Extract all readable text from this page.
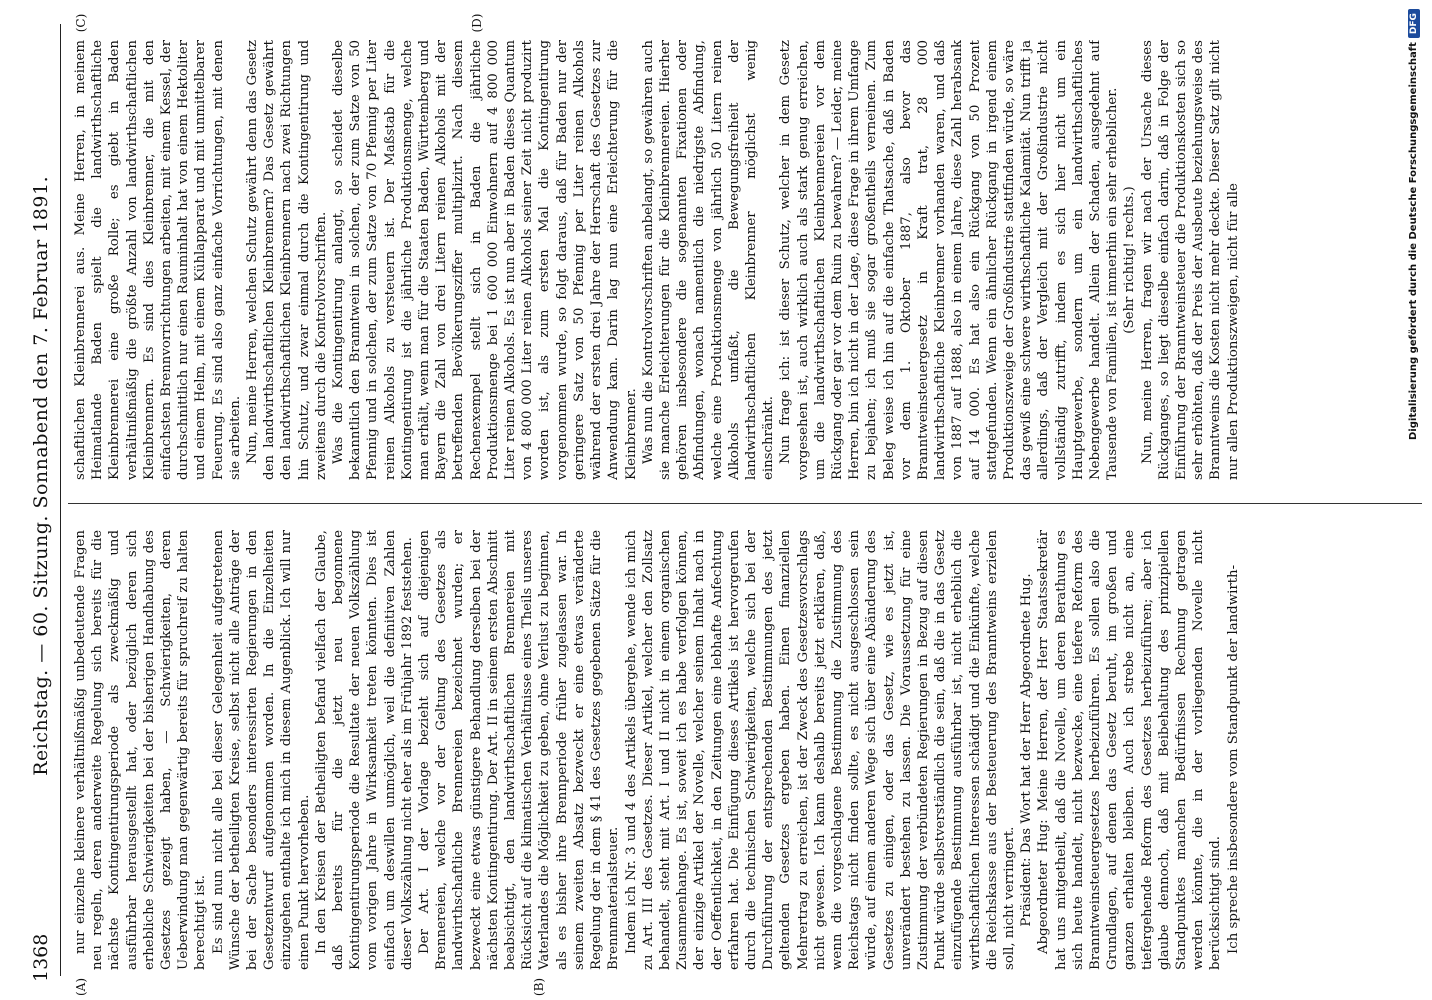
1368
Reichstag. — 60. Sitzung. Sonnabend den 7. Februar 1891.
(A)	(B)
(C)	(D)

nur einzelne kleinere verhältnißmäßig unbedeutende Fragen neu regeln, deren anderweite Regelung sich bereits für die nächste Kontingentirungsperiode als zweckmäßig und ausführbar herausgestellt hat, oder bezüglich deren sich erhebliche Schwierigkeiten bei der bisherigen Handhabung des Gesetzes gezeigt haben, — Schwierigkeiten, deren Ueberwindung man gegenwärtig bereits für spruchreif zu halten berechtigt ist. Es sind nun nicht alle bei dieser Gelegenheit aufgetretenen Wünsche der betheiligten Kreise, selbst nicht alle Anträge der bei der Sache besonders interessirten Regierungen in den Gesetzentwurf aufgenommen worden. In die Einzelheiten einzugehen enthalte ich mich in diesem Augenblick. Ich will nur einen Punkt hervorheben. In den Kreisen der Betheiligten befand vielfach der Glaube, daß bereits für die jetzt neu begonnene Kontingentirungsperiode die Resultate der neuen Volkszählung vom vorigen Jahre in Wirksamkeit treten könnten. Dies ist einfach um deswillen unmöglich, weil die definitiven Zahlen dieser Volkszählung nicht eher als im Frühjahr 1892 feststehen. Der Art. I der Vorlage bezieht sich auf diejenigen Brennereien, welche vor der Geltung des Gesetzes als landwirthschaftliche Brennereien bezeichnet wurden; er bezweckt eine etwas günstigere Behandlung derselben bei der nächsten Kontingentirung. Der Art. II in seinem ersten Abschnitt beabsichtigt, den landwirthschaftlichen Brennereien mit Rücksicht auf die klimatischen Verhältnisse eines Theils unseres Vaterlandes die Möglichkeit zu geben, ohne Verlust zu beginnen, als es bisher ihre Brennperiode früher zugelassen war. In seinem zweiten Absatz bezweckt er eine etwas veränderte Regelung der in dem § 41 des Gesetzes gegebenen Sätze für die Brennmaterialsteuer. Indem ich Nr. 3 und 4 des Artikels übergehe, wende ich mich zu Art. III des Gesetzes. Dieser Artikel, welcher den Zollsatz behandelt, steht mit Art. I und II nicht in einem organischen Zusammenhange. Es ist, soweit ich es habe verfolgen können, der einzige Artikel der Novelle, welcher seinem Inhalt nach in der Oeffentlichkeit, in den Zeitungen eine lebhafte Anfechtung erfahren hat. Die Einfügung dieses Artikels ist hervorgerufen durch die technischen Schwierigkeiten, welche sich bei der Durchführung der entsprechenden Bestimmungen des jetzt geltenden Gesetzes ergeben haben. Einen finanziellen Mehrertrag zu erreichen, ist der Zweck des Gesetzesvorschlags nicht gewesen. Ich kann deshalb bereits jetzt erklären, daß, wenn die vorgeschlagene Bestimmung die Zustimmung des Reichstags nicht finden sollte, es nicht ausgeschlossen sein würde, auf einem anderen Wege sich über eine Abänderung des Gesetzes zu einigen, oder das Gesetz, wie es jetzt ist, unverändert bestehen zu lassen. Die Voraussetzung für eine Zustimmung der verbündeten Regierungen in Bezug auf diesen Punkt würde selbstverständlich die sein, daß die in das Gesetz einzufügende Bestimmung ausführbar ist, nicht erheblich die wirthschaftlichen Interessen schädigt und die Einkünfte, welche die Reichskasse aus der Besteuerung des Branntweins erzielen soll, nicht verringert. Präsident: Das Wort hat der Herr Abgeordnete Hug. Abgeordneter Hug: Meine Herren, der Herr Staatssekretär hat uns mitgetheilt, daß die Novelle, um deren Berathung es sich heute handelt, nicht bezwecke, eine tiefere Reform des Branntweinsteuergesetzes herbeizuführen. Es sollen also die Grundlagen, auf denen das Gesetz beruht, im großen und ganzen erhalten bleiben. Auch ich strebe nicht an, eine tiefergehende Reform des Gesetzes herbeizuführen; aber ich glaube dennoch, daß mit Beibehaltung des prinzipiellen Standpunktes manchen Bedürfnissen Rechnung getragen werden könnte, die in der vorliegenden Novelle nicht berücksichtigt sind. Ich spreche insbesondere vom Standpunkt der landwirth-

schaftlichen Kleinbrennerei aus. Meine Herren, in meinem Heimatlande Baden spielt die landwirthschaftliche Kleinbrennerei eine große Rolle; es giebt in Baden verhältnißmäßig die größte Anzahl von landwirthschaftlichen Kleinbrennern. Es sind dies Kleinbrenner, die mit den einfachsten Brennvorrichtungen arbeiten, mit einem Kessel, der durchschnittlich nur einen Rauminhalt hat von einem Hektoliter und einem Helm, mit einem Kühlapparat und mit unmittelbarer Feuerung. Es sind also ganz einfache Vorrichtungen, mit denen sie arbeiten. Nun, meine Herren, welchen Schutz gewährt denn das Gesetz den landwirthschaftlichen Kleinbrennern? Das Gesetz gewährt den landwirthschaftlichen Kleinbrennern nach zwei Richtungen hin Schutz, und zwar einmal durch die Kontingentirung und zweitens durch die Kontrolvorschriften. Was die Kontingentirung anlangt, so scheidet dieselbe bekanntlich den Branntwein in solchen, der zum Satze von 50 Pfennig und in solchen, der zum Satze von 70 Pfennig per Liter reinen Alkohols zu versteuern ist. Der Maßstab für die Kontingentirung ist die jährliche Produktionsmenge, welche man erhält, wenn man für die Staaten Baden, Württemberg und Bayern die Zahl von drei Litern reinen Alkohols mit der betreffenden Bevölkerungsziffer multiplizirt. Nach diesem Rechenexempel stellt sich in Baden die jährliche Produktionsmenge bei 1 600 000 Einwohnern auf 4 800 000 Liter reinen Alkohols. Es ist nun aber in Baden dieses Quantum von 4 800 000 Liter reinen Alkohols seiner Zeit nicht produzirt worden ist, als zum ersten Mal die Kontingentirung vorgenommen wurde, so folgt daraus, daß für Baden nur der geringere Satz von 50 Pfennig per Liter reinen Alkohols während der ersten drei Jahre der Herrschaft des Gesetzes zur Anwendung kam. Darin lag nun eine Erleichterung für die Kleinbrenner. Was nun die Kontrolvorschriften anbelangt, so gewähren auch sie manche Erleichterungen für die Kleinbrennereien. Hierher gehören insbesondere die sogenannten Fixationen oder Abfindungen, wonach namentlich die niedrigste Abfindung, welche eine Produktionsmenge von jährlich 50 Litern reinen Alkohols umfaßt, die Bewegungsfreiheit der landwirthschaftlichen Kleinbrenner möglichst wenig einschränkt. Nun frage ich: ist dieser Schutz, welcher in dem Gesetz vorgesehen ist, auch wirklich auch als stark genug erreichen, um die landwirthschaftlichen Kleinbrennereien vor dem Rückgang oder gar vor dem Ruin zu bewahren? — Leider, meine Herren, bin ich nicht in der Lage, diese Frage in ihrem Umfange zu bejahen; ich muß sie sogar großentheils verneinen. Zum Beleg weise ich hin auf die einfache Thatsache, daß in Baden vor dem 1. Oktober 1887, also bevor das Branntweinsteuergesetz in Kraft trat, 28 000 landwirthschaftliche Kleinbrenner vorhanden waren, und daß von 1887 auf 1888, also in einem Jahre, diese Zahl herabsank auf 14 000. Es hat also ein Rückgang von 50 Prozent stattgefunden. Wenn ein ähnlicher Rückgang in irgend einem Produktionszweige der Großindustrie stattfinden würde, so wäre das gewiß eine schwere wirthschaftliche Kalamität. Nun trifft ja allerdings, daß der Vergleich mit der Großindustrie nicht vollständig zutrifft, indem es sich hier nicht um ein Hauptgewerbe, sondern um ein landwirthschaftliches Nebengewerbe handelt. Allein der Schaden, ausgedehnt auf Tausende von Familien, ist immerhin ein sehr erheblicher. (Sehr richtig! rechts.) Nun, meine Herren, fragen wir nach der Ursache dieses Rückganges, so liegt dieselbe einfach darin, daß in Folge der Einführung der Branntweinsteuer die Produktionskosten sich so sehr erhöhten, daß der Preis der Ausbeute beziehungsweise des Branntweins die Kosten nicht mehr deckte. Dieser Satz gilt nicht nur allen Produktionszweigen, nicht für alle	Digitalisierung gefördert durch die Deutsche ForschungsgemeinschaftDFG
